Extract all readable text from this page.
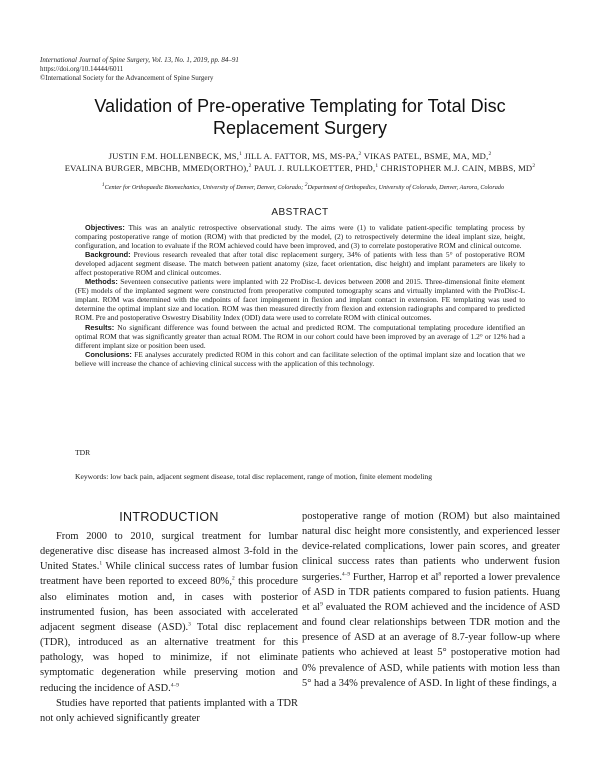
International Journal of Spine Surgery, Vol. 13, No. 1, 2019, pp. 84–91
https://doi.org/10.14444/6011
©International Society for the Advancement of Spine Surgery
Validation of Pre-operative Templating for Total Disc Replacement Surgery
JUSTIN F.M. HOLLENBECK, MS,$^1$ JILL A. FATTOR, MS, MS-PA,$^2$ VIKAS PATEL, BSME, MA, MD,$^2$
EVALINA BURGER, MBCHB, MMED(ORTHO),$^2$ PAUL J. RULLKOETTER, PHD,$^1$ CHRISTOPHER M.J. CAIN, MBBS, $MD^2$
$^1$Center for Orthopaedic Biomechanics, University of Denver, Denver, Colorado; $^2$Department of Orthopedics, University of Colorado, Denver, Aurora, Colorado
ABSTRACT

Objectives: This was an analytic retrospective observational study. The aims were (1) to validate patient-specific templating process by comparing postoperative range of motion (ROM) with that predicted by the model, (2) to retrospectively determine the ideal implant size, height, configuration, and location to evaluate if the ROM achieved could have been improved, and (3) to correlate postoperative ROM and clinical outcome.

Background: Previous research revealed that after total disc replacement surgery, 34% of patients with less than 5° of postoperative ROM developed adjacent segment disease. The match between patient anatomy (size, facet orientation, disc height) and implant parameters are likely to affect postoperative ROM and clinical outcomes.

Methods: Seventeen consecutive patients were implanted with 22 ProDisc-L devices between 2008 and 2015. Three-dimensional finite element (FE) models of the implanted segment were constructed from preoperative computed tomography scans and virtually implanted with the ProDisc-L implant. ROM was determined with the endpoints of facet impingement in flexion and implant contact in extension. FE templating was used to determine the optimal implant size and location. ROM was then measured directly from flexion and extension radiographs and compared to predicted ROM. Pre and postoperative Oswestry Disability Index (ODI) data were used to correlate ROM with clinical outcomes.

Results: No significant difference was found between the actual and predicted ROM. The computational templating procedure identified an optimal ROM that was significantly greater than actual ROM. The ROM in our cohort could have been improved by an average of 1.2° or 12% had a different implant size or position been used.

Conclusions: FE analyses accurately predicted ROM in this cohort and can facilitate selection of the optimal implant size and location that we believe will increase the chance of achieving clinical success with the application of this technology.

TDR
Keywords: low back pain, adjacent segment disease, total disc replacement, range of motion, finite element modeling
INTRODUCTION

From 2000 to 2010, surgical treatment for lumbar degenerative disc disease has increased almost 3-fold in the United States.$^1$ While clinical success rates of lumbar fusion treatment have been reported to exceed 80%,$^2$ this procedure also eliminates motion and, in cases with posterior instrumented fusion, has been associated with accelerated adjacent segment disease (ASD).$^3$ Total disc replacement (TDR), introduced as an alternative treatment for this pathology, was hoped to minimize, if not eliminate symptomatic degeneration while preserving motion and reducing the incidence of ASD.$^{4-9}$

Studies have reported that patients implanted with a TDR not only achieved significantly greater

postoperative range of motion (ROM) but also maintained natural disc height more consistently, and experienced lesser device-related complications, lower pain scores, and greater clinical success rates than patients who underwent fusion surgeries.$^{4-9}$ Further, Harrop et $al^8$ reported a lower prevalence of ASD in TDR patients compared to fusion patients. Huang et $al^9$ evaluated the ROM achieved and the incidence of ASD and found clear relationships between TDR motion and the presence of ASD at an average of 8.7-year follow-up where patients who achieved at least 5° postoperative motion had 0% prevalence of ASD, while patients with motion less than 5° had a 34% prevalence of ASD. In light of these findings, a
